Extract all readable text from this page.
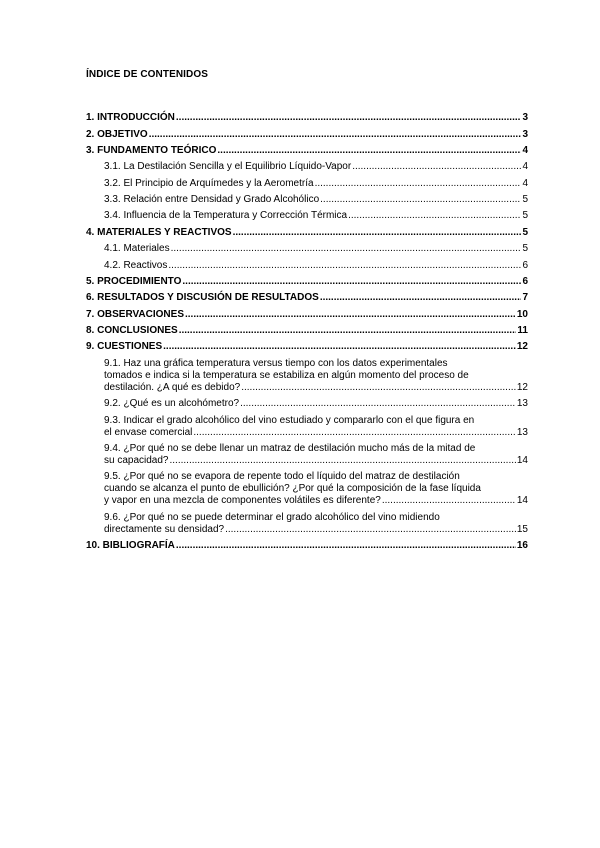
ÍNDICE DE CONTENIDOS
1. INTRODUCCIÓN .....	3
2. OBJETIVO .....	3
3. FUNDAMENTO TEÓRICO .....	4
3.1. La Destilación Sencilla y el Equilibrio Líquido-Vapor .....	4
3.2. El Principio de Arquímedes y la Aerometría .....	4
3.3. Relación entre Densidad y Grado Alcohólico .....	5
3.4. Influencia de la Temperatura y Corrección Térmica .....	5
4. MATERIALES Y REACTIVOS .....	5
4.1. Materiales .....	5
4.2. Reactivos .....	6
5. PROCEDIMIENTO .....	6
6. RESULTADOS Y DISCUSIÓN DE RESULTADOS .....	7
7. OBSERVACIONES .....	10
8. CONCLUSIONES .....	11
9. CUESTIONES .....	12
9.1. Haz una gráfica temperatura versus tiempo con los datos experimentales
tomados e indica si la temperatura se estabiliza en algún momento del proceso de
destilación. ¿A qué es debido? .....	12
9.2. ¿Qué es un alcohómetro? .....	13
9.3. Indicar el grado alcohólico del vino estudiado y compararlo con el que figura en
el envase comercial .....	13
9.4. ¿Por qué no se debe llenar un matraz de destilación mucho más de la mitad de
su capacidad? .....	14
9.5. ¿Por qué no se evapora de repente todo el líquido del matraz de destilación
cuando se alcanza el punto de ebullición? ¿Por qué la composición de la fase líquida
y vapor en una mezcla de componentes volátiles es diferente? .....	14
9.6. ¿Por qué no se puede determinar el grado alcohólico del vino midiendo
directamente su densidad? .....	15
10. BIBLIOGRAFÍA .....	16
